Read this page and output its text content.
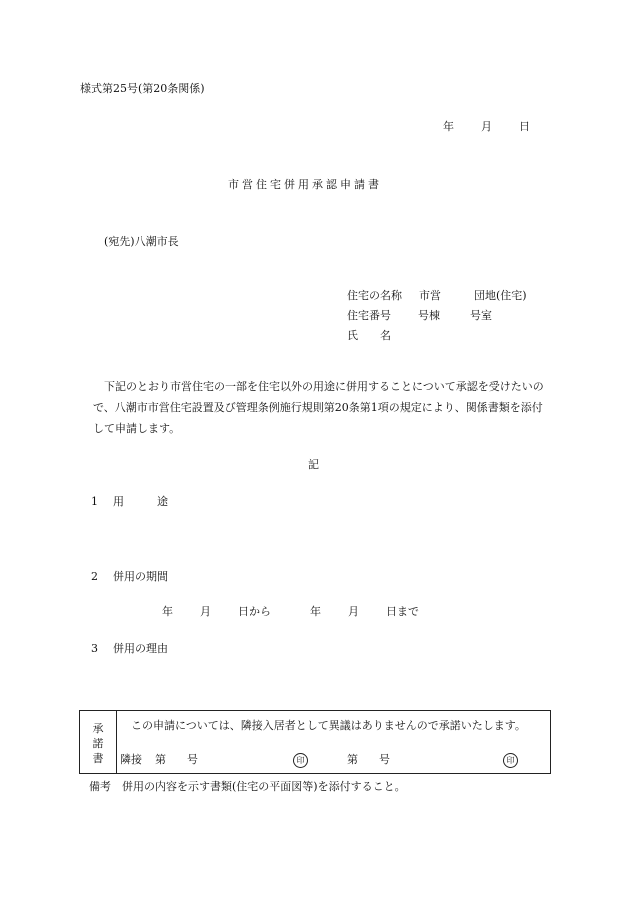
様式第25号(第20条関係)
年 月 日
市営住宅併用承認申請書
(宛先)八潮市長
住宅の名称 市営	団地(住宅)
住宅番号 号棟	号室
氏　　名
下記のとおり市営住宅の一部を住宅以外の用途に併用することについて承認を受けたいので、八潮市市営住宅設置及び管理条例施行規則第20条第1項の規定により、関係書類を添付して申請します。
記
1 用　　　途
2 併用の期間
年 月 日から	年 月 日まで
3 併用の理由
承
諾
書
この申請については、隣接入居者として異議はありませんので承諾いたします。
隣接 第 号	印	第 号	印
備考　併用の内容を示す書類(住宅の平面図等)を添付すること。
